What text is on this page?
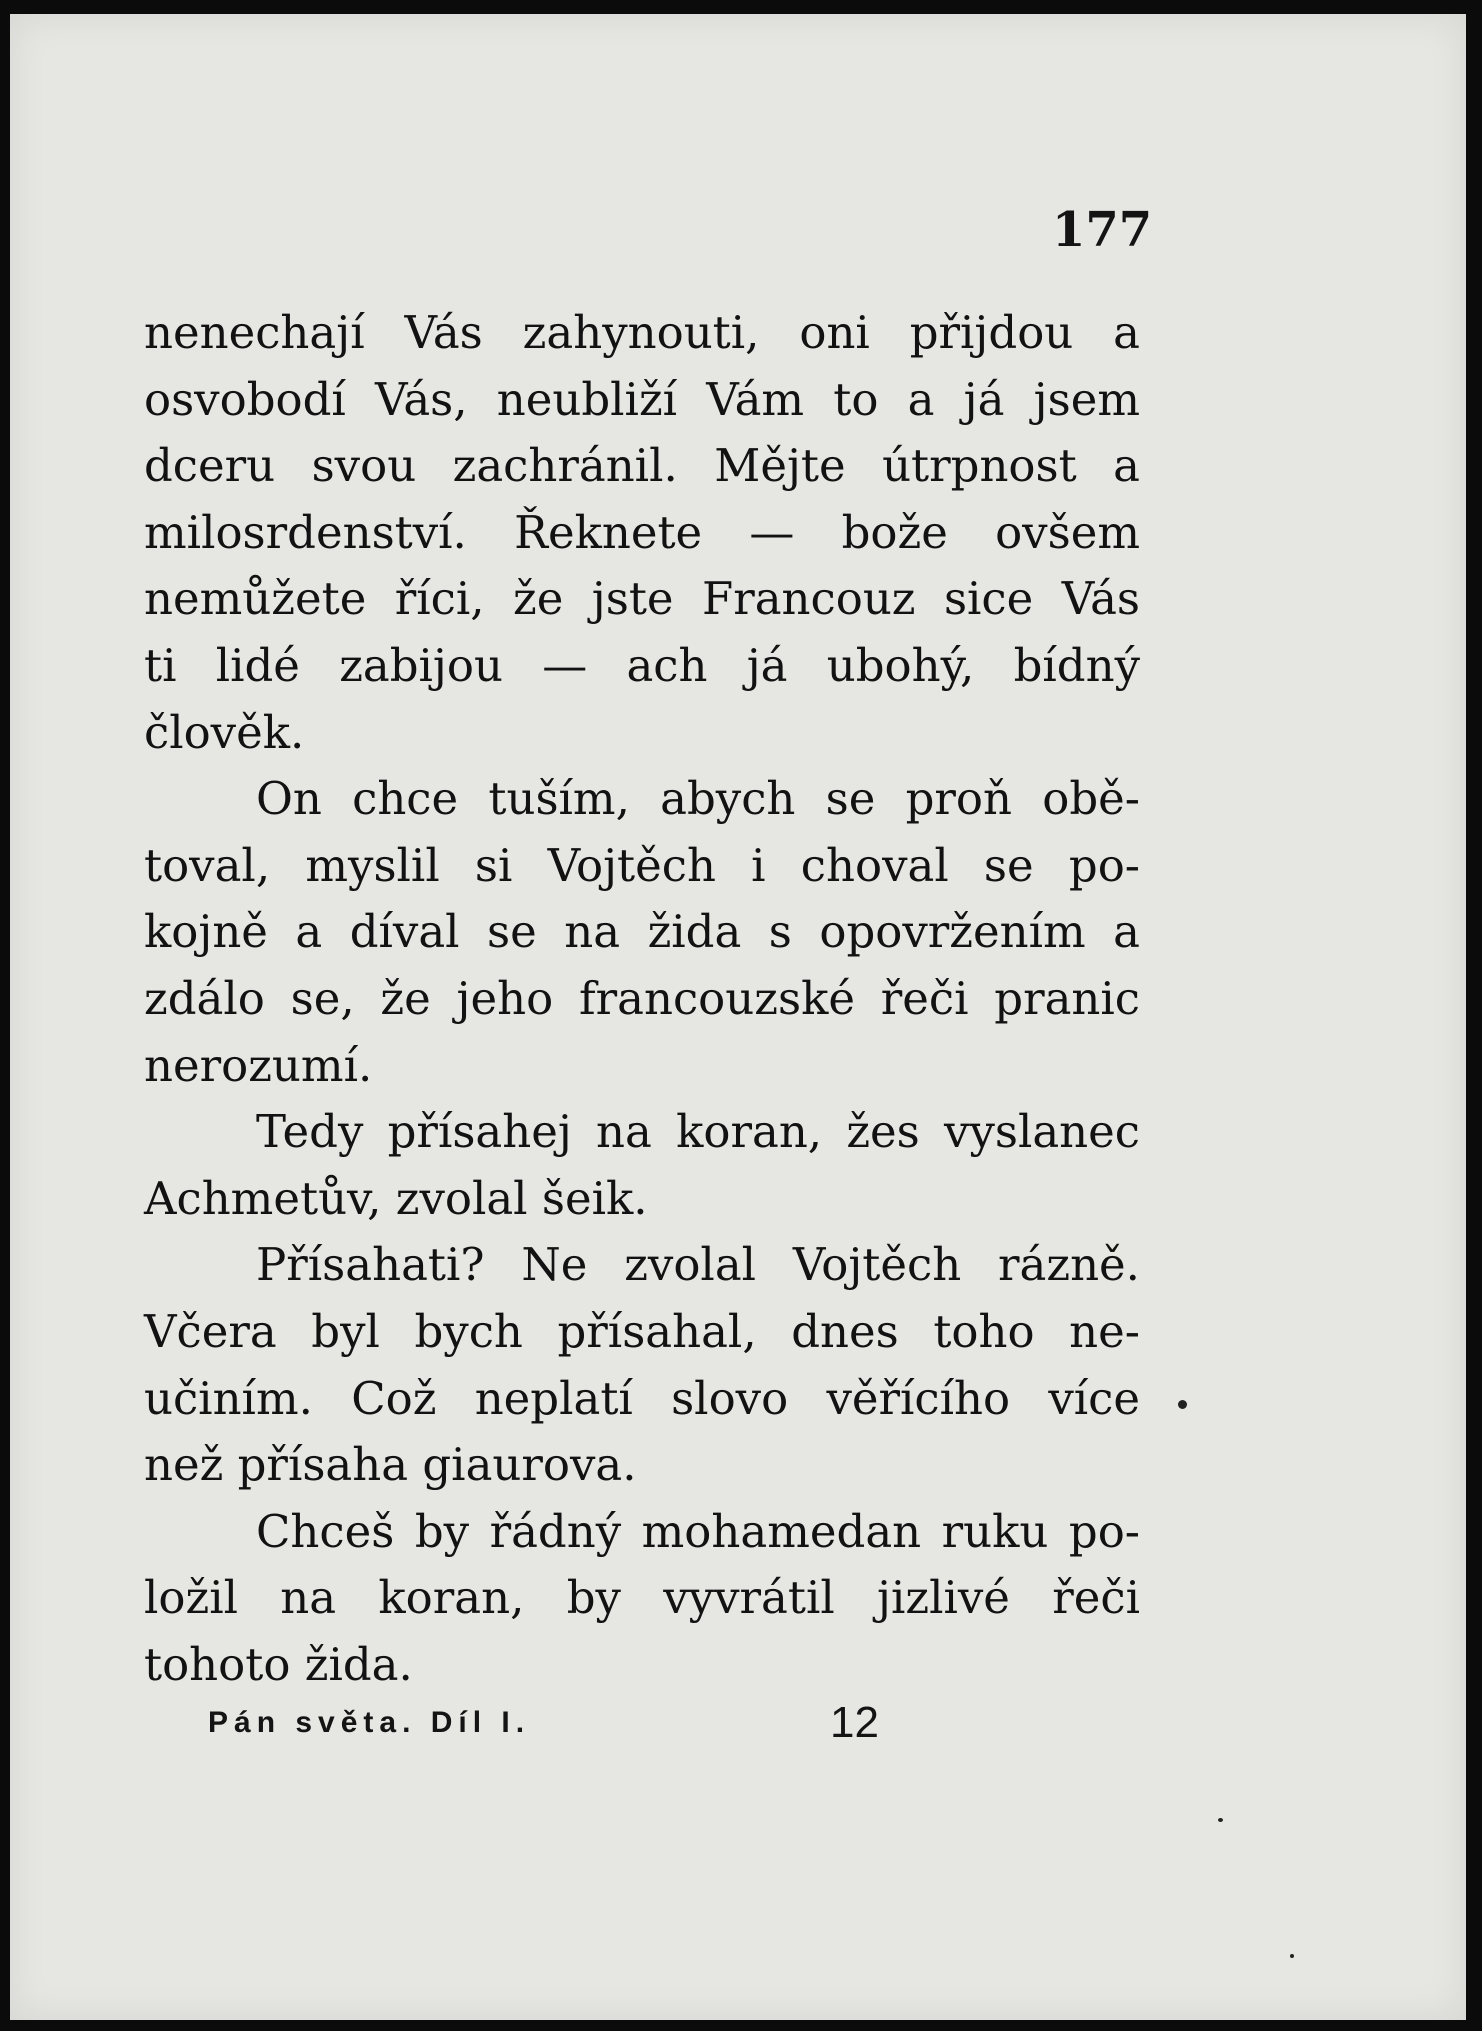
177
nenechají Vás zahynouti, oni přijdou a
osvobodí Vás, neubliží Vám to a já jsem
dceru svou zachránil. Mějte útrpnost a
milosrdenství. Řeknete — bože ovšem
nemůžete říci, že jste Francouz sice Vás
ti lidé zabijou — ach já ubohý, bídný
člověk.
On chce tuším, abych se proň obě-
toval, myslil si Vojtěch i choval se po-
kojně a díval se na žida s opovržením a
zdálo se, že jeho francouzské řeči pranic
nerozumí.
Tedy přísahej na koran, žes vyslanec
Achmetův, zvolal šeik.
Přísahati? Ne zvolal Vojtěch rázně.
Včera byl bych přísahal, dnes toho ne-
učiním. Což neplatí slovo věřícího více
než přísaha giaurova.
Chceš by řádný mohamedan ruku po-
ložil na koran, by vyvrátil jizlivé řeči
tohoto žida.
Pán světa. Díl I.	12
